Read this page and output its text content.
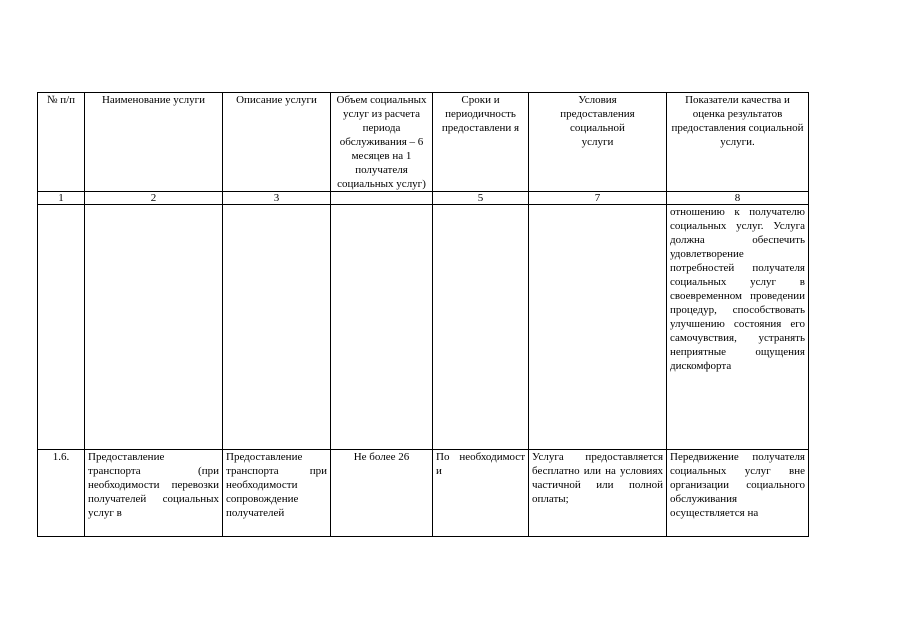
№ п/п	Наименование услуги	Описание услуги	Объем социальных услуг из расчета периода обслуживания – 6 месяцев на 1 получателя социальных услуг)	Сроки и периодичность предоставлени я	Условия предоставления социальной услуги	Показатели качества и оценка результатов предоставления социальной услуги.
1	2	3		5	7	8
						отношению к получателю социальных услуг. Услуга должна обеспечить удовлетворение потребностей получателя социальных услуг в своевременном проведении процедур, способствовать улучшению состояния его самочувствия, устранять неприятные ощущения дискомфорта
1.6.	Предоставление транспорта (при необходимости перевозки получателей социальных услуг в	Предоставление транспорта при необходимости сопровождение получателей	Не более 26	По необходимост и	Услуга предоставляется бесплатно или на условиях частичной или полной оплаты;	Передвижение получателя социальных услуг вне организации социального обслуживания осуществляется на
